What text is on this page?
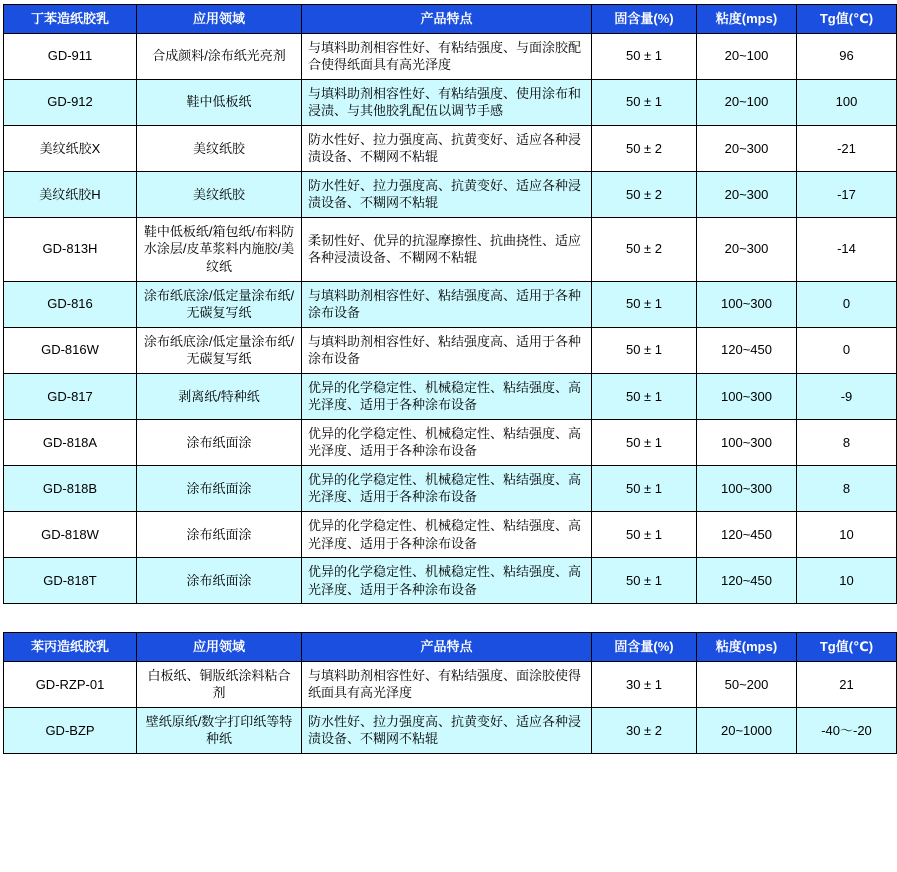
丁苯造纸胶乳	应用领域	产品特点	固含量(%)	粘度(mps)	Tg值(℃)
GD-911	合成颜料/涂布纸光亮剂	与填料助剂相容性好、有粘结强度、与面涂胶配合使得纸面具有高光泽度	50 ± 1	20~100	96
GD-912	鞋中低板纸	与填料助剂相容性好、有粘结强度、使用涂布和浸渍、与其他胶乳配伍以调节手感	50 ± 1	20~100	100
美纹纸胶X	美纹纸胶	防水性好、拉力强度高、抗黄变好、适应各种浸渍设备、不糊网不粘辊	50 ± 2	20~300	-21
美纹纸胶H	美纹纸胶	防水性好、拉力强度高、抗黄变好、适应各种浸渍设备、不糊网不粘辊	50 ± 2	20~300	-17
GD-813H	鞋中低板纸/箱包纸/布料防水涂层/皮革浆料内施胶/美纹纸	柔韧性好、优异的抗湿摩擦性、抗曲挠性、适应各种浸渍设备、不糊网不粘辊	50 ± 2	20~300	-14
GD-816	涂布纸底涂/低定量涂布纸/无碳复写纸	与填料助剂相容性好、粘结强度高、适用于各种涂布设备	50 ± 1	100~300	0
GD-816W	涂布纸底涂/低定量涂布纸/无碳复写纸	与填料助剂相容性好、粘结强度高、适用于各种涂布设备	50 ± 1	120~450	0
GD-817	剥离纸/特种纸	优异的化学稳定性、机械稳定性、粘结强度、高光泽度、适用于各种涂布设备	50 ± 1	100~300	-9
GD-818A	涂布纸面涂	优异的化学稳定性、机械稳定性、粘结强度、高光泽度、适用于各种涂布设备	50 ± 1	100~300	8
GD-818B	涂布纸面涂	优异的化学稳定性、机械稳定性、粘结强度、高光泽度、适用于各种涂布设备	50 ± 1	100~300	8
GD-818W	涂布纸面涂	优异的化学稳定性、机械稳定性、粘结强度、高光泽度、适用于各种涂布设备	50 ± 1	120~450	10
GD-818T	涂布纸面涂	优异的化学稳定性、机械稳定性、粘结强度、高光泽度、适用于各种涂布设备	50 ± 1	120~450	10
苯丙造纸胶乳	应用领域	产品特点	固含量(%)	粘度(mps)	Tg值(℃)
GD-RZP-01	白板纸、铜版纸涂料粘合剂	与填料助剂相容性好、有粘结强度、面涂胶使得纸面具有高光泽度	30 ± 1	50~200	21
GD-BZP	壁纸原纸/数字打印纸等特种纸	防水性好、拉力强度高、抗黄变好、适应各种浸渍设备、不糊网不粘辊	30 ± 2	20~1000	-40～-20
